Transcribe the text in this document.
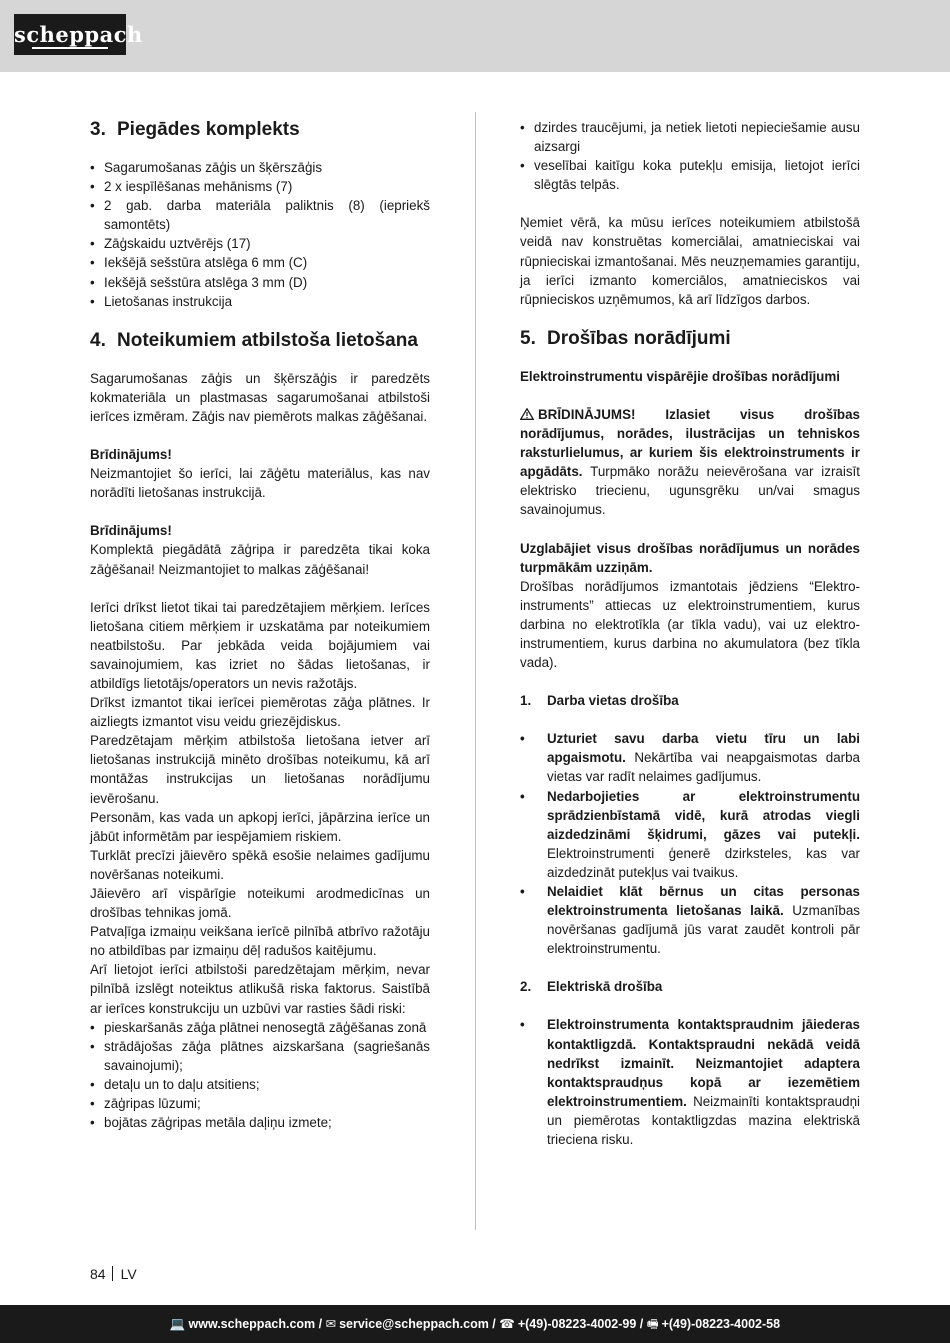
scheppach
3. Piegādes komplekts
• Sagarumošanas zāģis un šķērszāģis
• 2 x iespīlēšanas mehānisms (7)
• 2 gab. darba materiāla paliktnis (8) (iepriekš samontēts)
• Zāģskaidu uztvērējs (17)
• Iekšējā sešstūra atslēga 6 mm (C)
• Iekšējā sešstūra atslēga 3 mm (D)
• Lietošanas instrukcija
4. Noteikumiem atbilstoša lietošana

Sagarumošanas zāģis un šķērszāģis ir paredzēts kokmateriāla un plastmasas sagarumošanai atbilstoši ierīces izmēram. Zāģis nav piemērots malkas zāģēšanai.

Brīdinājums!

Neizmantojiet šo ierīci, lai zāģētu materiālus, kas nav norādīti lietošanas instrukcijā.

Brīdinājums!

Komplektā piegādātā zāģripa ir paredzēta tikai koka zāģēšanai! Neizmantojiet to malkas zāģēšanai!

Ierīci drīkst lietot tikai tai paredzētajiem mērķiem. Ierīces lietošana citiem mērķiem ir uzskatāma par noteikumiem neatbilstošu. Par jebkāda veida bojājumiem vai savainojumiem, kas izriet no šādas lietošanas, ir atbildīgs lietotājs/operators un nevis ražotājs.

Drīkst izmantot tikai ierīcei piemērotas zāģa plātnes. Ir aizliegts izmantot visu veidu griezējdiskus.

Paredzētajam mērķim atbilstoša lietošana ietver arī lietošanas instrukcijā minēto drošības noteikumu, kā arī montāžas instrukcijas un lietošanas norādījumu ievērošanu.

Personām, kas vada un apkopj ierīci, jāpārzina ierīce un jābūt informētām par iespējamiem riskiem.

Turklāt precīzi jāievēro spēkā esošie nelaimes gadījumu novēršanas noteikumi.

Jāievēro arī vispārīgie noteikumi arodmedicīnas un drošības tehnikas jomā.

Patvaļīga izmaiņu veikšana ierīcē pilnībā atbrīvo ražotāju no atbildības par izmaiņu dēļ radušos kaitējumu.

Arī lietojot ierīci atbilstoši paredzētajam mērķim, nevar pilnībā izslēgt noteiktus atlikušā riska faktorus. Saistībā ar ierīces konstrukciju un uzbūvi var rasties šādi riski:

• pieskaršanās zāģa plātnei nenosegtā zāģēšanas zonā
• strādājošas zāģa plātnes aizskaršana (sagriešanās savainojumi);
• detaļu un to daļu atsitiens;
• zāģripas lūzumi;
• bojātas zāģripas metāla daļiņu izmete;
• dzirdes traucējumi, ja netiek lietoti nepieciešamie ausu aizsargi
• veselībai kaitīgu koka putekļu emisija, lietojot ierīci slēgtās telpās.

Ņemiet vērā, ka mūsu ierīces noteikumiem atbilstošā veidā nav konstruētas komerciālai, amatnieciskai vai rūpnieciskai izmantošanai. Mēs neuzņemamies garantiju, ja ierīci izmanto komerciālos, amatnieciskos vai rūpnieciskos uzņēmumos, kā arī līdzīgos darbos.

5. Drošības norādījumi

Elektroinstrumentu vispārējie drošības norādījumi

BRĪDINĀJUMS! Izlasiet visus drošības norādījumus, norādes, ilustrācijas un tehniskos raksturlielumus, ar kuriem šis elektroinstruments ir apgādāts. Turpmāko norāžu neievērošana var izraisīt elektrisko triecienu, ugunsgrēku un/vai smagus savainojumus.

Uzglabājiet visus drošības norādījumus un norādes turpmākām uzziņām.

Drošības norādījumos izmantotais jēdziens “Elektroinstruments” attiecas uz elektroinstrumentiem, kurus darbina no elektrotīkla (ar tīkla vadu), vai uz elektroinstrumentiem, kurus darbina no akumulatora (bez tīkla vada).

1. Darba vietas drošība
• Uzturiet savu darba vietu tīru un labi apgaismotu. Nekārtība vai neapgaismotas darba vietas var radīt nelaimes gadījumus.
• Nedarbojieties ar elektroinstrumentu sprādzienbīstamā vidē, kurā atrodas viegli aizdedzināmi šķidrumi, gāzes vai putekļi. Elektroinstrumenti ģenerē dzirksteles, kas var aizdedzināt putekļus vai tvaikus.
• Nelaidiet klāt bērnus un citas personas elektroinstrumenta lietošanas laikā. Uzmanības novēršanas gadījumā jūs varat zaudēt kontroli pār elektroinstrumentu.
2. Elektriskā drošība
• Elektroinstrumenta kontaktspraudnim jāiederas kontaktligzdā. Kontaktspraudni nekādā veidā nedrīkst izmainīt. Neizmantojiet adaptera kontaktspraudņus kopā ar iezemētiem elektroinstrumentiem. Neizmainīti kontaktspraudņi un piemērotas kontaktligzdas mazina elektriskā trieciena risku.
84 LV
💻 www.scheppach.com / ✉ service@scheppach.com / ☎ +(49)-08223-4002-99 / 🖷 +(49)-08223-4002-58
